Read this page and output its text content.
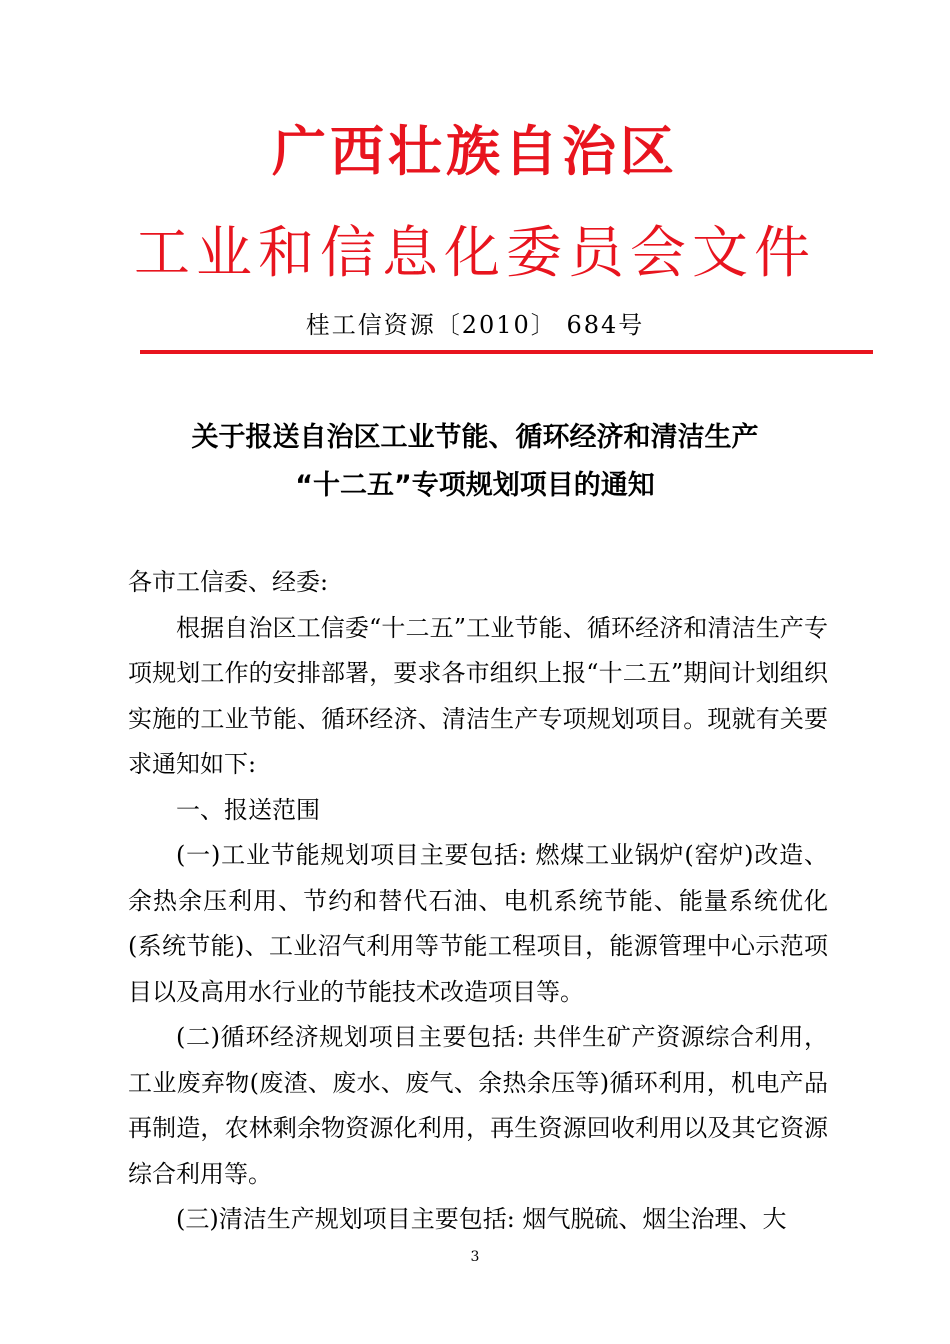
广西壮族自治区
工业和信息化委员会文件
桂工信资源〔2010〕 684号
关于报送自治区工业节能、循环经济和清洁生产
“十二五”专项规划项目的通知

各市工信委、经委:

根据自治区工信委“十二五”工业节能、循环经济和清洁生产专项规划工作的安排部署，要求各市组织上报“十二五”期间计划组织实施的工业节能、循环经济、清洁生产专项规划项目。现就有关要求通知如下:

一、报送范围

(一)工业节能规划项目主要包括: 燃煤工业锅炉(窑炉)改造、余热余压利用、节约和替代石油、电机系统节能、能量系统优化(系统节能)、工业沼气利用等节能工程项目，能源管理中心示范项目以及高用水行业的节能技术改造项目等。

(二)循环经济规划项目主要包括: 共伴生矿产资源综合利用，工业废弃物(废渣、废水、废气、余热余压等)循环利用，机电产品再制造，农林剩余物资源化利用，再生资源回收利用以及其它资源综合利用等。

(三)清洁生产规划项目主要包括: 烟气脱硫、烟尘治理、大

3
